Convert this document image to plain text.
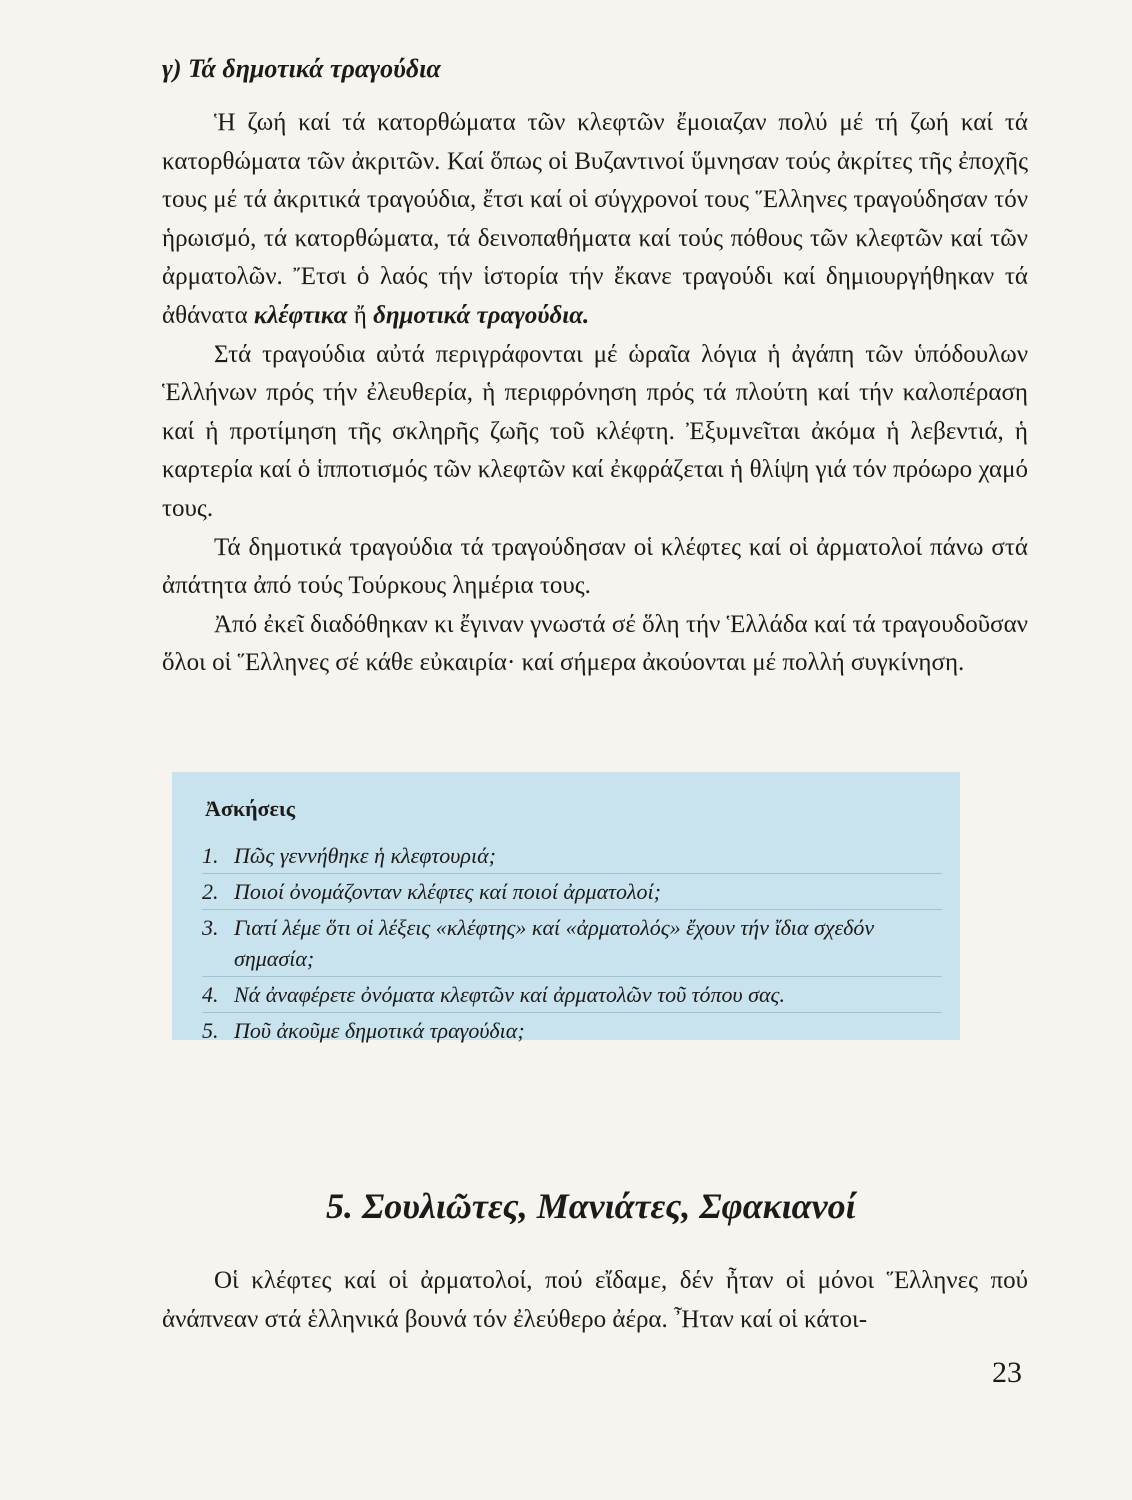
γ) Τά δημοτικά τραγούδια

Ἡ ζωή καί τά κατορθώματα τῶν κλεφτῶν ἔμοιαζαν πολύ μέ τή ζωή καί τά κατορθώματα τῶν ἀκριτῶν. Καί ὅπως οἱ Βυζαντινοί ὕμνησαν τούς ἀκρίτες τῆς ἐποχῆς τους μέ τά ἀκριτικά τραγούδια, ἔτσι καί οἱ σύγχρονοί τους Ἕλληνες τραγούδησαν τόν ἡρωισμό, τά κατορθώματα, τά δεινοπαθήματα καί τούς πόθους τῶν κλεφτῶν καί τῶν ἀρματολῶν. Ἔτσι ὁ λαός τήν ἱστορία τήν ἔκανε τραγούδι καί δημιουργήθηκαν τά ἀθάνατα κλέφτικα ἤ δημοτικά τραγούδια.

Στά τραγούδια αὐτά περιγράφονται μέ ὡραῖα λόγια ἡ ἀγάπη τῶν ὑπόδουλων Ἑλλήνων πρός τήν ἐλευθερία, ἡ περιφρόνηση πρός τά πλούτη καί τήν καλοπέραση καί ἡ προτίμηση τῆς σκληρῆς ζωῆς τοῦ κλέφτη. Ἐξυμνεῖται ἀκόμα ἡ λεβεντιά, ἡ καρτερία καί ὁ ἱπποτισμός τῶν κλεφτῶν καί ἐκφράζεται ἡ θλίψη γιά τόν πρόωρο χαμό τους.

Τά δημοτικά τραγούδια τά τραγούδησαν οἱ κλέφτες καί οἱ ἀρματολοί πάνω στά ἀπάτητα ἀπό τούς Τούρκους λημέρια τους.

Ἀπό ἐκεῖ διαδόθηκαν κι ἔγιναν γνωστά σέ ὅλη τήν Ἑλλάδα καί τά τραγουδοῦσαν ὅλοι οἱ Ἕλληνες σέ κάθε εὐκαιρία· καί σήμερα ἀκούονται μέ πολλή συγκίνηση.

Ἀσκήσεις
1. Πῶς γεννήθηκε ἡ κλεφτουριά;
2. Ποιοί ὀνομάζονταν κλέφτες καί ποιοί ἀρματολοί;
3. Γιατί λέμε ὅτι οἱ λέξεις «κλέφτης» καί «ἀρματολός» ἔχουν τήν ἴδια σχεδόν σημασία;
4. Νά ἀναφέρετε ὀνόματα κλεφτῶν καί ἀρματολῶν τοῦ τόπου σας.
5. Ποῦ ἀκοῦμε δημοτικά τραγούδια;
5. Σουλιῶτες, Μανιάτες, Σφακιανοί

Οἱ κλέφτες καί οἱ ἀρματολοί, πού εἴδαμε, δέν ἦταν οἱ μόνοι Ἕλληνες πού ἀνάπνεαν στά ἑλληνικά βουνά τόν ἐλεύθερο ἀέρα. Ἦταν καί οἱ κάτοι-

23
